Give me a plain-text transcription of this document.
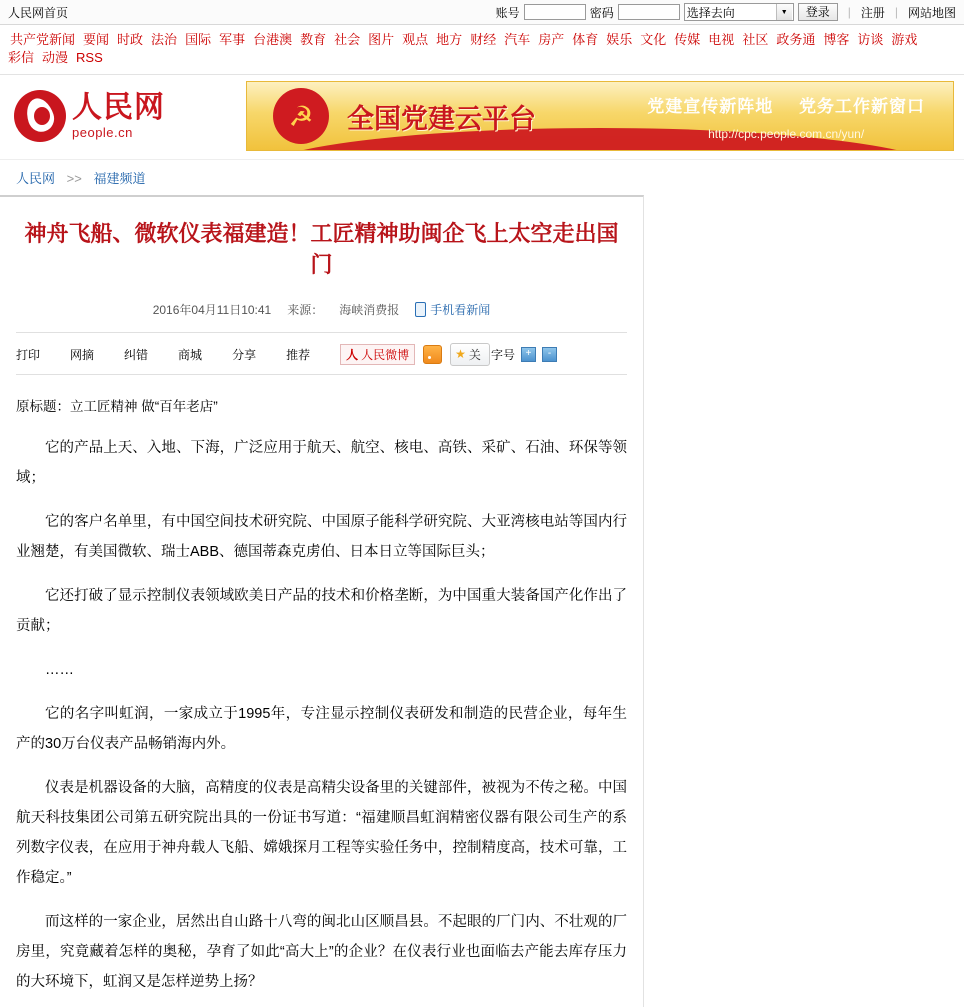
人民网首页	账号	密码	选择去向	▼	登录	| 注册 | 网站地图
共产党新闻 要闻 时政 法治 国际 军事 台港澳 教育 社会 图片 观点 地方 财经 汽车 房产 体育 娱乐 文化 传媒 电视 社区 政务通 博客 访谈 游戏彩信 动漫 RSS
人民网
people.cn
☭	全国党建云平台	党建宣传新阵地 党务工作新窗口
http://cpc.people.com.cn/yun/
人民网 >> 福建频道
神舟飞船、微软仪表福建造！工匠精神助闽企飞上太空走出国门
2016年04月11日10:41 来源： 海峡消费报	手机看新闻
打印	网摘	纠错	商城	分享	推荐	人 人民微博	★ 关 字号	+	-
原标题：立工匠精神 做“百年老店”

它的产品上天、入地、下海，广泛应用于航天、航空、核电、高铁、采矿、石油、环保等领域；

它的客户名单里，有中国空间技术研究院、中国原子能科学研究院、大亚湾核电站等国内行业翘楚，有美国微软、瑞士ABB、德国蒂森克虏伯、日本日立等国际巨头；

它还打破了显示控制仪表领域欧美日产品的技术和价格垄断，为中国重大装备国产化作出了贡献；

……

它的名字叫虹润，一家成立于1995年，专注显示控制仪表研发和制造的民营企业，每年生产的30万台仪表产品畅销海内外。

仪表是机器设备的大脑，高精度的仪表是高精尖设备里的关键部件，被视为不传之秘。中国航天科技集团公司第五研究院出具的一份证书写道：“福建顺昌虹润精密仪器有限公司生产的系列数字仪表，在应用于神舟载人飞船、嫦娥探月工程等实验任务中，控制精度高，技术可靠，工作稳定。”

而这样的一家企业，居然出自山路十八弯的闽北山区顺昌县。不起眼的厂门内、不壮观的厂房里，究竟藏着怎样的奥秘，孕育了如此“高大上”的企业？在仪表行业也面临去产能去库存压力的大环境下，虹润又是怎样逆势上扬？
